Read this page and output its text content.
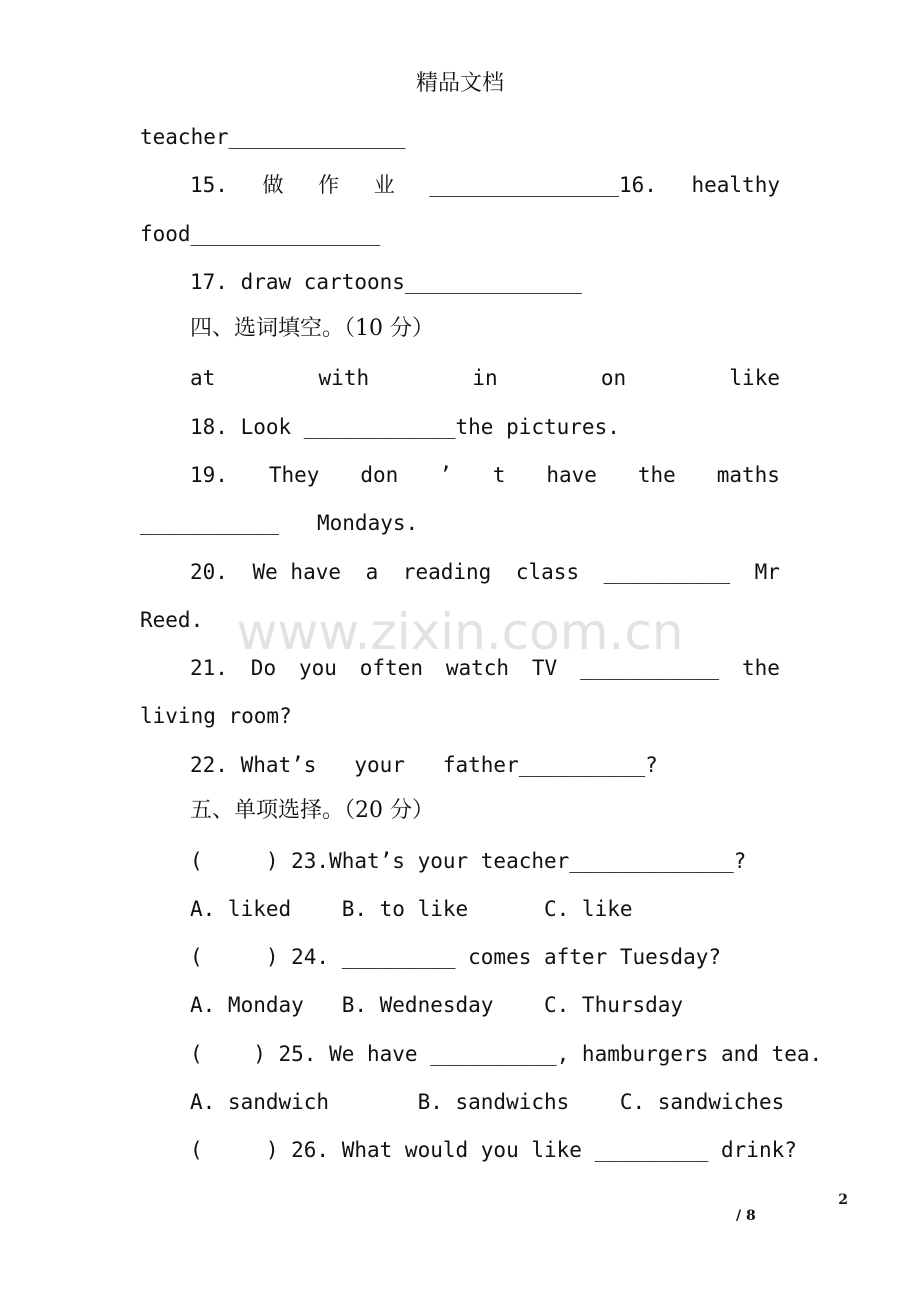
精品文档
www.zixin.com.cn
teacher______________
15. 做 作 业 _______________16. healthy
food_______________
17. draw cartoons______________
四、选词填空。（10 分）
at	with	in	on	like
18. Look ____________the pictures.
19. They don ’ t have the maths
___________   Mondays.
20. We have a reading class __________ Mr
Reed.
21. Do you often watch TV ___________ the
living room?
22. What’s   your   father__________?
五、单项选择。（20 分）
(     ) 23.What’s your teacher_____________?
A. liked    B. to like      C. like
(     ) 24. _________ comes after Tuesday?
A. Monday   B. Wednesday    C. Thursday
(    ) 25. We have __________, hamburgers and tea.
A. sandwich       B. sandwichs    C. sandwiches
(     ) 26. What would you like _________ drink?
2
/ 8
